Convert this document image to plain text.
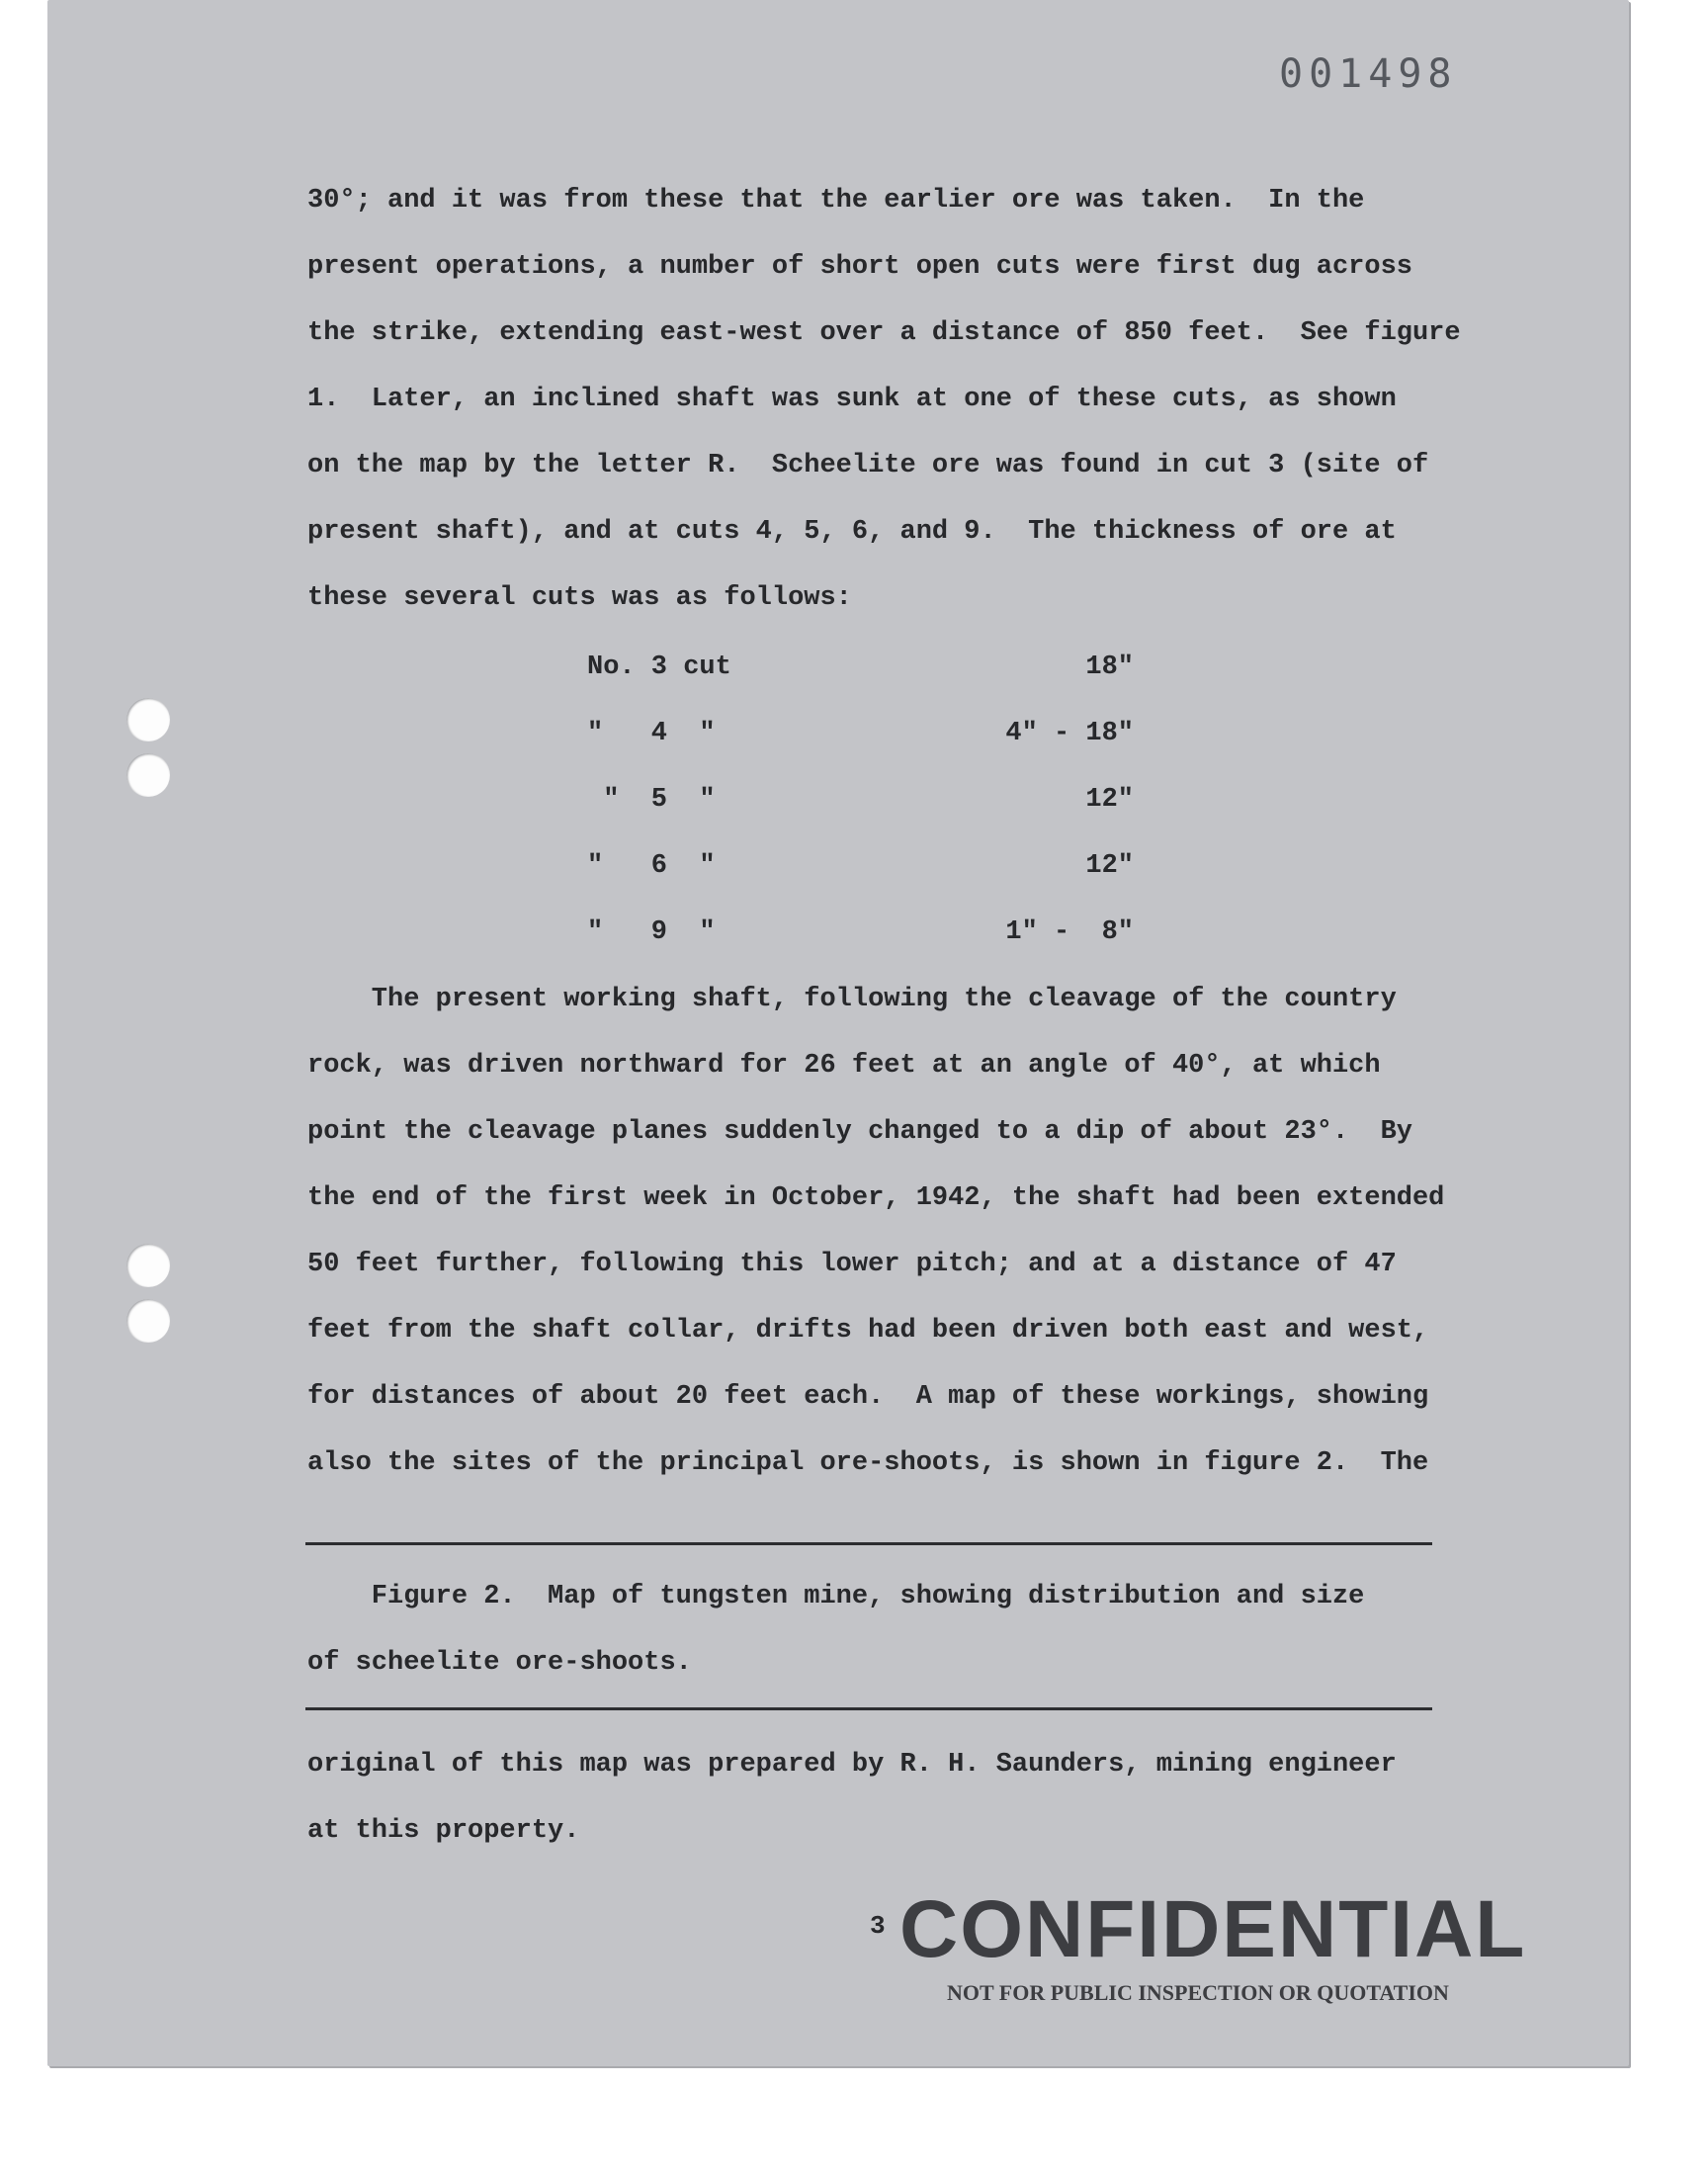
001498
30°; and it was from these that the earlier ore was taken.  In the
present operations, a number of short open cuts were first dug across
the strike, extending east-west over a distance of 850 feet.  See figure
1.  Later, an inclined shaft was sunk at one of these cuts, as shown
on the map by the letter R.  Scheelite ore was found in cut 3 (site of
present shaft), and at cuts 4, 5, 6, and 9.  The thickness of ore at
these several cuts was as follows:
No. 3 cut	18"
"   4  "	4" - 18"
"  5  "	12"
"   6  "	12"
"   9  "	1" -  8"
The present working shaft, following the cleavage of the country
rock, was driven northward for 26 feet at an angle of 40°, at which
point the cleavage planes suddenly changed to a dip of about 23°.  By
the end of the first week in October, 1942, the shaft had been extended
50 feet further, following this lower pitch; and at a distance of 47
feet from the shaft collar, drifts had been driven both east and west,
for distances of about 20 feet each.  A map of these workings, showing
also the sites of the principal ore-shoots, is shown in figure 2.  The
Figure 2.  Map of tungsten mine, showing distribution and size
of scheelite ore-shoots.
original of this map was prepared by R. H. Saunders, mining engineer
at this property.
3 CONFIDENTIAL
NOT FOR PUBLIC INSPECTION OR QUOTATION
